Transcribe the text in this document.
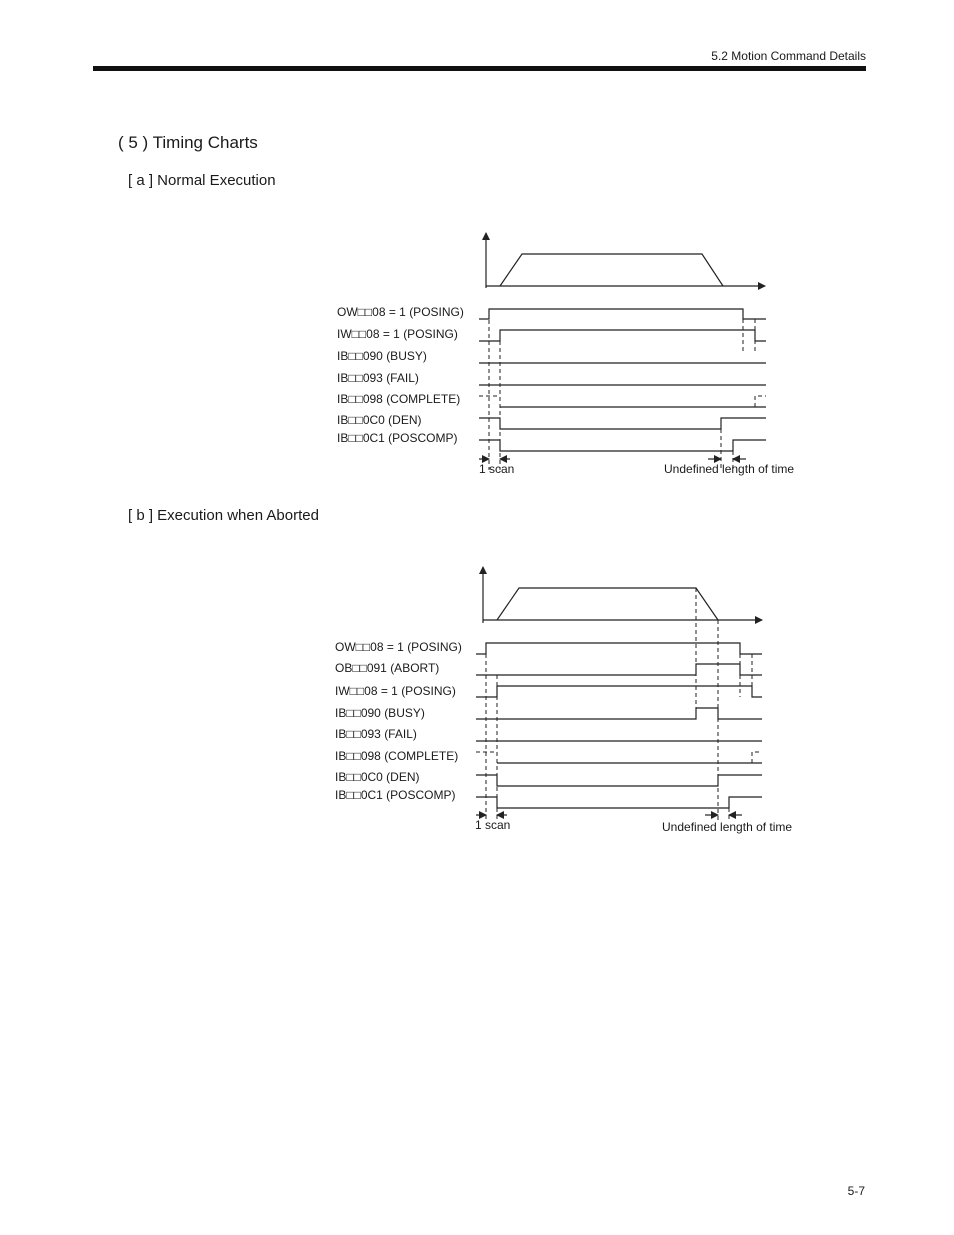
5.2 Motion Command Details
( 5 ) Timing Charts
[ a ] Normal Execution
[ b ] Execution when Aborted
OW□□08 = 1 (POSING)
IW□□08 = 1 (POSING)
IB□□090 (BUSY)
IB□□093 (FAIL)
IB□□098 (COMPLETE)
IB□□0C0 (DEN)
IB□□0C1 (POSCOMP)
1 scan	Undefined length of time
OW□□08 = 1 (POSING)
OB□□091 (ABORT)
IW□□08 = 1 (POSING)
IB□□090 (BUSY)
IB□□093 (FAIL)
IB□□098 (COMPLETE)
IB□□0C0 (DEN)
IB□□0C1 (POSCOMP)
1 scan	Undefined length of time
5-7
